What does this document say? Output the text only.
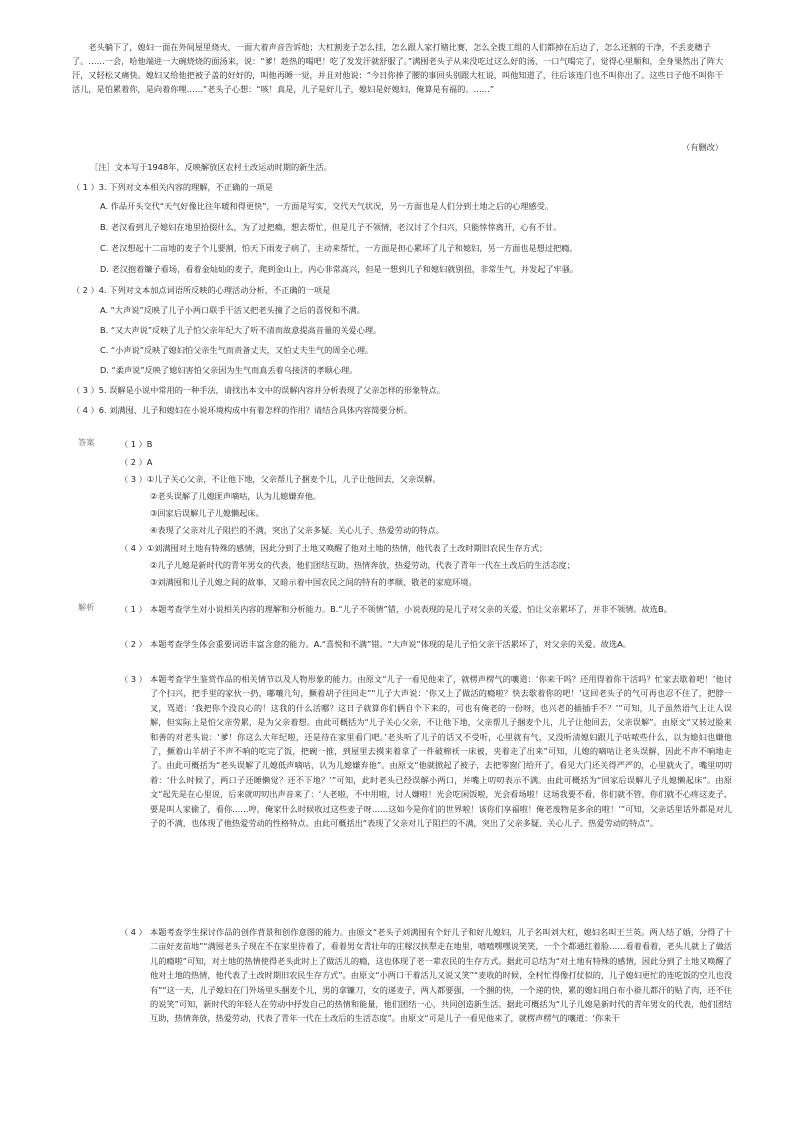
老头躺下了，媳妇一面在外间屋里烧火，一面大着声音告诉他；大杠割麦子怎么挂，怎么跟人家打赌比赛，怎么全拨工组的人们都掉在后边了，怎么还割的干净，不丢麦穗子了。……一会，哈他端进一大碗烧烧的面汤来，说：“爹！趁热的喝吧！吃了发发汗就舒服了。”满囤老头子从来没吃过这么好的汤，一口气喝完了，觉得心里顺和，全身果然出了阵大汗，又轻松又痛快。媳妇又给他把被子盖的好好的，叫他再睡一觉，并且对他说：“今日你捧了腰的事回头别跟大杠说，叫他知道了，往后该连门也不叫你出了。这些日子他不叫你干活儿，是怕累着你，是向着你哩……”老头子心想：“咳！真是，儿子是好儿子，媳妇是好媳妇，俺算是有福的。……”
（有删改）
［注］文本写于1948年，反映解放区农村土改运动时期的新生活。
（ 1 ）3. 下列对文本相关内容的理解，不正确的一项是
A. 作品开头交代“天气好像比往年暖和得更快”，一方面是写实，交代天气状况，另一方面也是人们分到土地之后的心理感受。
B. 老汉看到儿子媳妇在地里拾掇什么，为了过把瘾，想去帮忙，但是儿子不领情，老汉讨了个扫兴，只能悻悻离开，心有不甘。
C. 老汉想起十二亩地的麦子个儿要割，怕天下雨麦子病了，主动来帮忙，一方面是担心累坏了儿子和媳妇，另一方面也是想过把瘾。
D. 老汉抱着镰子看场，看着金灿灿的麦子，爬到金山上，内心非常高兴，但是一想到儿子和媳妇就别扭，非常生气，并发起了牢骚。
（ 2 ）4. 下列对文本加点词语所反映的心理活动分析，不正确的一项是
A. “大声说”反映了儿子小两口联手干活又把老头撞了之后的喜悦和不满。
B. “又大声说”反映了儿子怕父亲年纪大了听不清而故意提高音量的关爱心理。
C. “小声说”反映了媳妇怕父亲生气而责备丈夫，又怕丈夫生气的周全心理。
D. “柔声说”反映了媳妇害怕父亲因为生气而真丢着乌接济的孝顺心理。
（ 3 ）5. 误解是小说中常用的一种手法，请找出本文中的误解内容并分析表现了父亲怎样的形象特点。
（ 4 ）6. 刘满囤、儿子和媳妇在小说环境构成中有着怎样的作用？请结合具体内容简要分析。
答案	（ 1 ）B
（ 2 ）A
（ 3 ）①儿子关心父亲，不让他下地，父亲帮儿子捆麦个儿，儿子让他回去，父亲误解。
②老头误解了儿媳匪声嘀咕，认为儿媳嫌弃他。
③回家后误解儿子儿媳懒起床。
④表现了父亲对儿子阻拦的不满，突出了父亲多疑、关心儿子、热爱劳动的特点。
（ 4 ）①刘满囤对土地有特殊的感情，因此分到了土地又唤醒了他对土地的热情，他代表了土改时期旧农民生存方式；
②儿子儿媳是新时代的青年男女的代表，他们团结互助，热情奔放，热爱劳动，代表了青年一代在土改后的生活态度；
③刘满囤和儿子儿媳之间的故事，又暗示着中国农民之间的特有的孝顺、敬老的家庭环境。
解析	（ 1 ） 本题考查学生对小说相关内容的理解和分析能力。B.“儿子不领情”错，小说表现的是儿子对父亲的关爱，怕让父亲累坏了，并非不领情。故选B。
（ 2 ） 本题考查学生体会重要词语丰富含意的能力。A.“喜悦和不满”错。“大声说”体现的是儿子怕父亲干活累坏了，对父亲的关爱。故选A。
（ 3 ） 本题考查学生鉴赏作品的相关情节以及人物形象的能力。由原文“儿子一看见他来了，就楞声楞气的嚷道：‘你来干吗？还用得着你干活吗？忙家去歇着吧！’他讨了个扫兴，把手里的家伙一扔，嘟嚷几句，撅着胡子往回走”“儿子大声说：‘你又上了做活的瘾啦？快去歇着你的吧！’这回老头子的气可再也忍不住了，把脖一叉，骂道：‘我把你个没良心的！这我的什么活哪？这日子就算你们俩自个下来的，可也有俺老的一份呀，也兴老的插插手不？’”可知，儿子虽然语气上让人误解，但实际上是怕父亲劳累，是为父亲着想。由此可概括为“儿子关心父亲，不让他下地，父亲帮儿子捆麦个儿，儿子让他回去，父亲误解”。由原文“又转过脸来和善的对老头说：‘爹！你这么大年纪啦，还是待在家里看门吧。’老头听了儿子的话又不受听，心里就有气，又没听清媳妇跟儿子咕哝些什么，以为媳妇也嫌他了，撅着山羊胡子不声不响的吃完了饭，把碗一推，到屋里去摸来着拿了一件破棉袄一床被，夹着走了出来”可知，儿媳的嘀咕让老头误解，因此不声不响地走了。由此可概括为“老头误解了儿媳低声嘀咕，认为儿媳嫌弃他”。由原文“他就掀起了被子，去把零窗门给开了，看见大门还关得严严的，心里就火了，嘴里叨叨着：‘什么时候了，两口子还睡懒觉？还不下地？’”可知，此时老头已经误解小两口，并嘴上叨叨表示不满。由此可概括为“回家后误解儿子儿媳懒起床”。由原文“起先是在心里说，后来就叨叨出声音来了：‘人老啦，不中用啦，讨人嫌啦！光会吃闲饭啦，光会看场啦！这场我要不看，你们就不管，你们就不心疼这麦子，要是叫人家偷了，看你……哼，俺家什么时候收过这些麦子呀……这如今是你们的世界啦！该你们享福啦！俺老废物是多余的啦！’”可知，父亲话里话外都是对儿子的不满，也体现了他热爱劳动的性格特点。由此可概括出“表现了父亲对儿子阻拦的不满，突出了父亲多疑、关心儿子、热爱劳动的特点”。
（ 4 ） 本题考查学生探讨作品的创作背景和创作意图的能力。由原文“老头子刘满囤有个好儿子和好儿媳妇，儿子名叫刘大杠，媳妇名叫王兰英。两人结了婚，分得了十二亩好麦苗地”“满囤老头子现在不在家里待着了，看着男女青壮年的庄稼汉扶犁走在地里，嘻嘻嘿嘿说笑笑，一个个都通红着脸……看着看着，老头儿就上了做活儿的瘾啦”可知，对土地的热情使得老头此时上了做活儿的瘾，这也体现了老一辈农民的生存方式。据此可总结为“对土地有特殊的感情，因此分到了土地又唤醒了他对土地的热情，他代表了土改时期旧农民生存方式”。由原文“小两口干着活儿又说又笑”“麦收的时候，全村忙得像打仗似的，儿子媳妇更忙的连吃饭的空儿也没有”“这一天，儿子媳妇在门外场里头捆麦个儿，男的拿镰刀，女的递麦子，两人都要强，一个捆的快，一个递的快，累的媳妇用白布小褂儿都汗的贴了肉，还不住的说笑”可知，新时代的年轻人在劳动中抒发自己的热情和能量，他们团结一心，共同创造新生活。据此可概括为“儿子儿媳是新时代的青年男女的代表，他们团结互助，热情奔放，热爱劳动，代表了青年一代在土改后的生活态度”。由原文“可是儿子一看见他来了，就楞声楞气的嚷道：‘你来干
